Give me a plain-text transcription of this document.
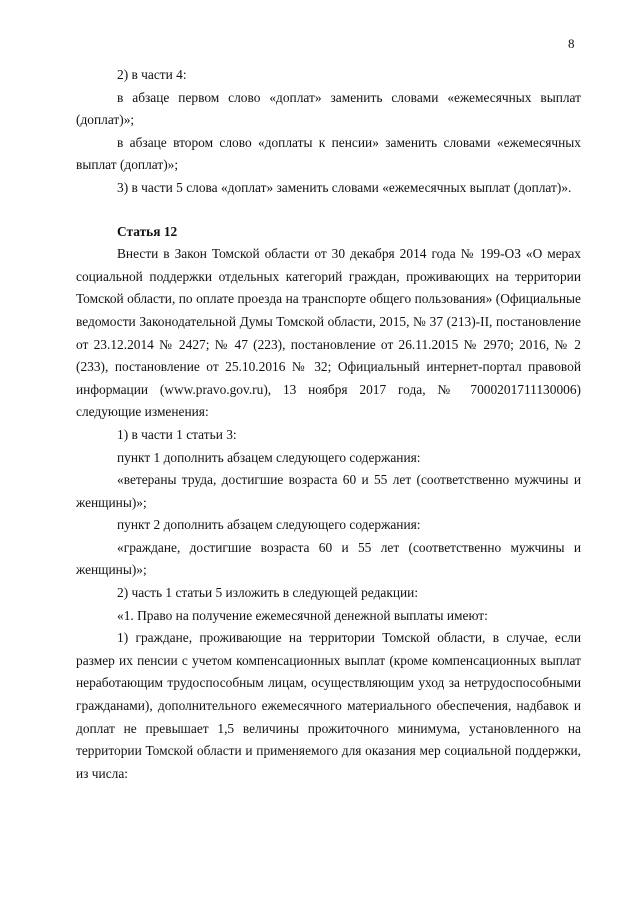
8

2) в части 4:

в абзаце первом слово «доплат» заменить словами «ежемесячных выплат (доплат)»;

в абзаце втором слово «доплаты к пенсии» заменить словами «ежемесячных выплат (доплат)»;

3) в части 5 слова «доплат» заменить словами «ежемесячных выплат (доплат)».

Статья 12

Внести в Закон Томской области от 30 декабря 2014 года № 199-ОЗ «О мерах социальной поддержки отдельных категорий граждан, проживающих на территории Томской области, по оплате проезда на транспорте общего пользования» (Официальные ведомости Законодательной Думы Томской области, 2015, № 37 (213)-II, постановление от 23.12.2014 № 2427; № 47 (223), постановление от 26.11.2015 № 2970; 2016, № 2 (233), постановление от 25.10.2016 № 32; Официальный интернет-портал правовой информации (www.pravo.gov.ru), 13 ноября 2017 года, № 7000201711130006) следующие изменения:

1) в части 1 статьи 3:

пункт 1 дополнить абзацем следующего содержания:

«ветераны труда, достигшие возраста 60 и 55 лет (соответственно мужчины и женщины)»;

пункт 2 дополнить абзацем следующего содержания:

«граждане, достигшие возраста 60 и 55 лет (соответственно мужчины и женщины)»;

2) часть 1 статьи 5 изложить в следующей редакции:

«1. Право на получение ежемесячной денежной выплаты имеют:

1) граждане, проживающие на территории Томской области, в случае, если размер их пенсии с учетом компенсационных выплат (кроме компенсационных выплат неработающим трудоспособным лицам, осуществляющим уход за нетрудоспособными гражданами), дополнительного ежемесячного материального обеспечения, надбавок и доплат не превышает 1,5 величины прожиточного минимума, установленного на территории Томской области и применяемого для оказания мер социальной поддержки, из числа:
